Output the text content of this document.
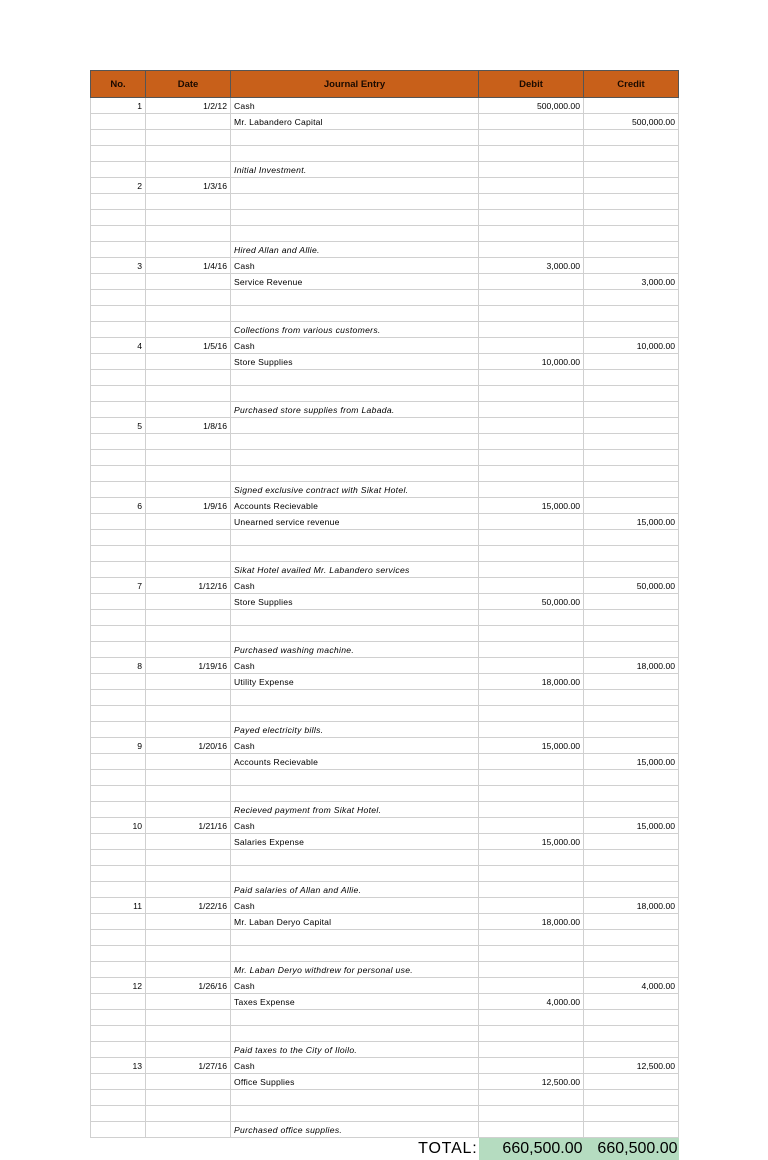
No.	Date	Journal Entry	Debit	Credit
1	1/2/12	Cash	500,000.00	
		Mr. Labandero Capital		500,000.00

		Initial Investment.		
2	1/3/16			

		Hired Allan and Allie.		
3	1/4/16	Cash	3,000.00	
		Service Revenue		3,000.00

		Collections from various customers.		
4	1/5/16	Cash		10,000.00
		Store Supplies	10,000.00	

		Purchased store supplies from Labada.		
5	1/8/16			

		Signed exclusive contract with Sikat Hotel.		
6	1/9/16	Accounts Recievable	15,000.00	
		Unearned service revenue		15,000.00

		Sikat Hotel availed Mr. Labandero services		
7	1/12/16	Cash		50,000.00
		Store Supplies	50,000.00	

		Purchased washing machine.		
8	1/19/16	Cash		18,000.00
		Utility Expense	18,000.00	

		Payed electricity bills.		
9	1/20/16	Cash	15,000.00	
		Accounts Recievable		15,000.00

		Recieved payment from Sikat Hotel.		
10	1/21/16	Cash		15,000.00
		Salaries Expense	15,000.00	

		Paid salaries of Allan and Allie.		
11	1/22/16	Cash		18,000.00
		Mr. Laban Deryo Capital	18,000.00	

		Mr. Laban Deryo withdrew for personal use.		
12	1/26/16	Cash		4,000.00
		Taxes Expense	4,000.00	

		Paid taxes to the City of Iloilo.		
13	1/27/16	Cash		12,500.00
		Office Supplies	12,500.00	

		Purchased office supplies.		
		TOTAL:	660,500.00	660,500.00
